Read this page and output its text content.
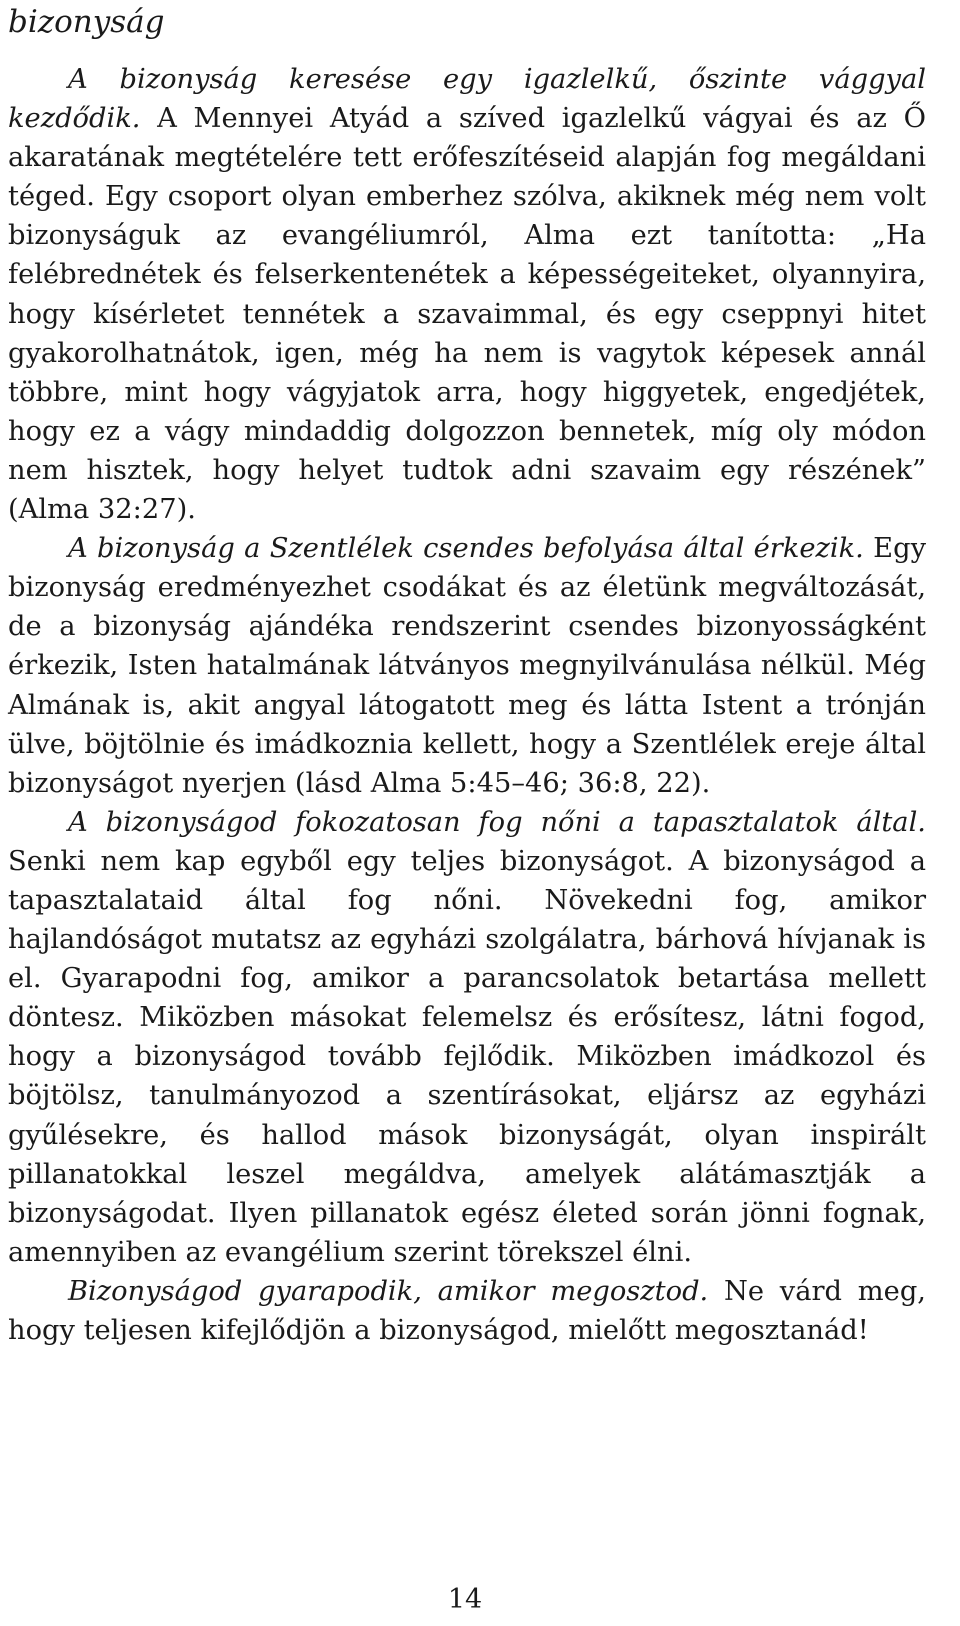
bizonyság

A bizonyság keresése egy igazlelkű, őszinte vággyal kezdődik. A Mennyei Atyád a szíved igazlelkű vágyai és az Ő akaratának megtételére tett erőfeszítéseid alapján fog megáldani téged. Egy csoport olyan emberhez szólva, akiknek még nem volt bizonyságuk az evangéliumról, Alma ezt tanította: „Ha felébrednétek és felserkentenétek a képességeiteket, olyannyira, hogy kísérletet tennétek a szavaimmal, és egy cseppnyi hitet gyakorolhatnátok, igen, még ha nem is vagytok képesek annál többre, mint hogy vágyjatok arra, hogy higgyetek, engedjétek, hogy ez a vágy mindaddig dolgozzon bennetek, míg oly módon nem hisztek, hogy helyet tudtok adni szavaim egy részének” (Alma 32:27).

A bizonyság a Szentlélek csendes befolyása által érkezik. Egy bizonyság eredményezhet csodákat és az életünk megváltozását, de a bizonyság ajándéka rendszerint csendes bizonyosságként érkezik, Isten hatalmának látványos megnyilvánulása nélkül. Még Almának is, akit angyal látogatott meg és látta Istent a trónján ülve, böjtölnie és imádkoznia kellett, hogy a Szentlélek ereje által bizonyságot nyerjen (lásd Alma 5:45–46; 36:8, 22).

A bizonyságod fokozatosan fog nőni a tapasztalatok által. Senki nem kap egyből egy teljes bizonyságot. A bizonyságod a tapasztalataid által fog nőni. Növekedni fog, amikor hajlandóságot mutatsz az egyházi szolgálatra, bárhová hívjanak is el. Gyarapodni fog, amikor a parancsolatok betartása mellett döntesz. Miközben másokat felemelsz és erősítesz, látni fogod, hogy a bizonyságod tovább fejlődik. Miközben imádkozol és böjtölsz, tanulmányozod a szentírásokat, eljársz az egyházi gyűlésekre, és hallod mások bizonyságát, olyan inspirált pillanatokkal leszel megáldva, amelyek alátámasztják a bizonyságodat. Ilyen pillanatok egész életed során jönni fognak, amennyiben az evangélium szerint törekszel élni.

Bizonyságod gyarapodik, amikor megosztod. Ne várd meg, hogy teljesen kifejlődjön a bizonyságod, mielőtt megosztanád!

14
